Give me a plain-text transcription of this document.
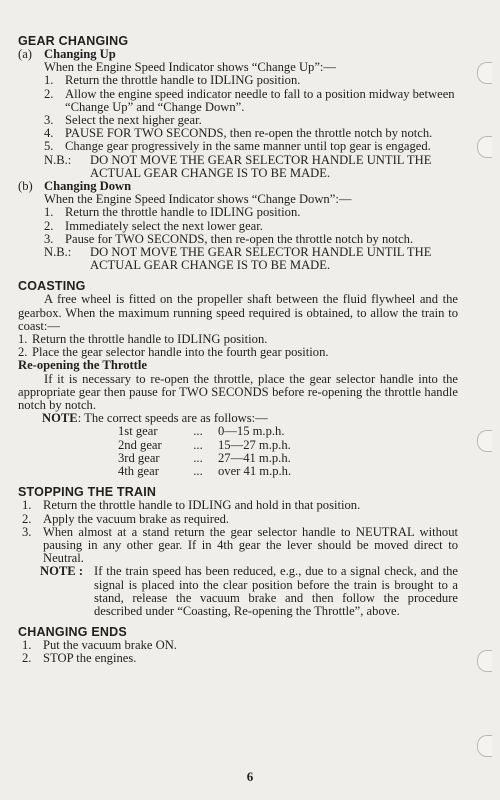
GEAR CHANGING
(a) Changing Up
When the Engine Speed Indicator shows “Change Up”:—
1. Return the throttle handle to IDLING position.
2. Allow the engine speed indicator needle to fall to a position midway between “Change Up” and “Change Down”.
3. Select the next higher gear.
4. PAUSE FOR TWO SECONDS, then re-open the throttle notch by notch.
5. Change gear progressively in the same manner until top gear is engaged.
N.B.:	DO NOT MOVE THE GEAR SELECTOR HANDLE UNTIL THE ACTUAL GEAR CHANGE IS TO BE MADE.
(b) Changing Down
When the Engine Speed Indicator shows “Change Down”:—
1. Return the throttle handle to IDLING position.
2. Immediately select the next lower gear.
3. Pause for TWO SECONDS, then re-open the throttle notch by notch.
N.B.:	DO NOT MOVE THE GEAR SELECTOR HANDLE UNTIL THE ACTUAL GEAR CHANGE IS TO BE MADE.
COASTING
A free wheel is fitted on the propeller shaft between the fluid flywheel and the gearbox. When the maximum running speed required is obtained, to allow the train to coast:—
1. Return the throttle handle to IDLING position.
2. Place the gear selector handle into the fourth gear position.
Re-opening the Throttle
If it is necessary to re-open the throttle, place the gear selector handle into the appropriate gear then pause for TWO SECONDS before re-opening the throttle handle notch by notch.
NOTE: The correct speeds are as follows:—
1st gear	...	0—15 m.p.h.
2nd gear	...	15—27 m.p.h.
3rd gear	...	27—41 m.p.h.
4th gear	...	over 41 m.p.h.
STOPPING THE TRAIN
1. Return the throttle handle to IDLING and hold in that position.
2. Apply the vacuum brake as required.
3. When almost at a stand return the gear selector handle to NEUTRAL without pausing in any other gear. If in 4th gear the lever should be moved direct to Neutral.
NOTE : If the train speed has been reduced, e.g., due to a signal check, and the signal is placed into the clear position before the train is brought to a stand, release the vacuum brake and then follow the procedure described under “Coasting, Re-opening the Throttle”, above.
CHANGING ENDS
1. Put the vacuum brake ON.
2. STOP the engines.
6
